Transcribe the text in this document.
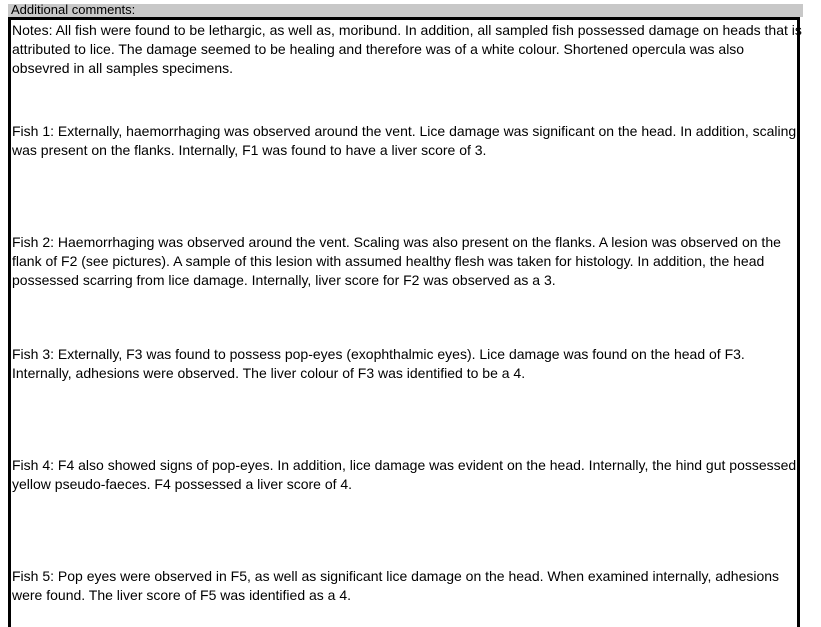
Additional comments:

Notes: All fish were found to be lethargic, as well as, moribund. In addition, all sampled fish possessed damage on heads that is attributed to lice. The damage seemed to be healing and therefore was of a white colour. Shortened opercula was also obsevred in all samples specimens.

Fish 1: Externally, haemorrhaging was observed around the vent. Lice damage was significant on the head. In addition, scaling was present on the flanks. Internally, F1 was found to have a liver score of 3.

Fish 2: Haemorrhaging was observed around the vent. Scaling was also present on the flanks. A lesion was observed on the flank of F2 (see pictures). A sample of this lesion with assumed healthy flesh was taken for histology. In addition, the head possessed scarring from lice damage. Internally, liver score for F2 was observed as a 3.

Fish 3: Externally, F3 was found to possess pop-eyes (exophthalmic eyes). Lice damage was found on the head of F3. Internally, adhesions were observed. The liver colour of F3 was identified to be a 4.

Fish 4: F4 also showed signs of pop-eyes. In addition, lice damage was evident on the head. Internally, the hind gut possessed yellow pseudo-faeces. F4 possessed a liver score of 4.

Fish 5: Pop eyes were observed in F5, as well as significant lice damage on the head. When examined internally, adhesions were found. The liver score of F5 was identified as a 4.
